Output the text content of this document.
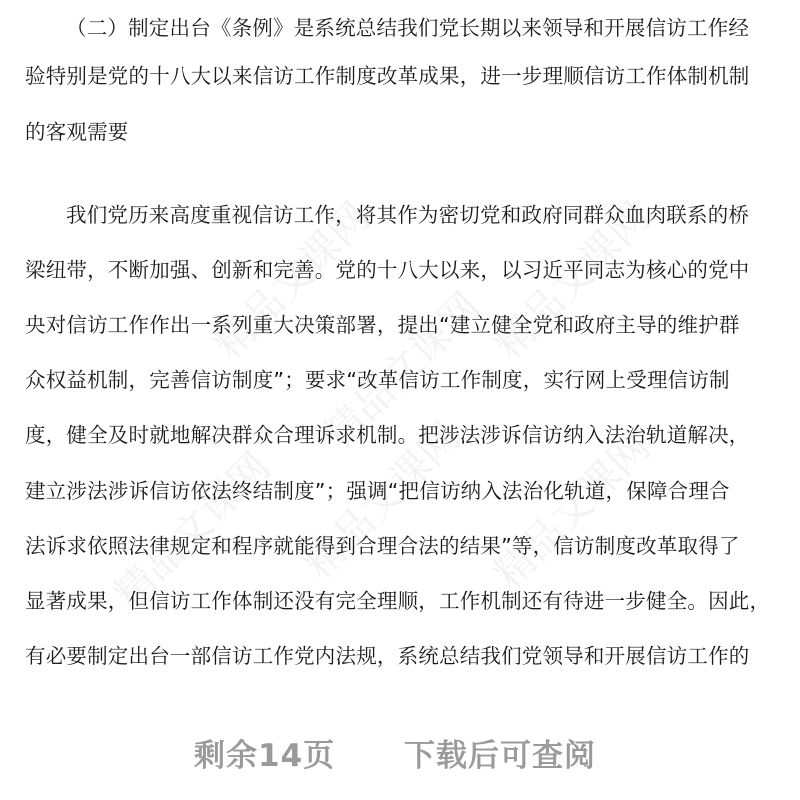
精品文课网	精品文课网
精品文课网
精品文课网 精品文课网 精品文课网
（二）制定出台《条例》是系统总结我们党长期以来领导和开展信访工作经
验特别是党的十八大以来信访工作制度改革成果，进一步理顺信访工作体制机制
的客观需要
我们党历来高度重视信访工作，将其作为密切党和政府同群众血肉联系的桥
梁纽带，不断加强、创新和完善。党的十八大以来，以习近平同志为核心的党中
央对信访工作作出一系列重大决策部署，提出“建立健全党和政府主导的维护群
众权益机制，完善信访制度”；要求“改革信访工作制度，实行网上受理信访制
度，健全及时就地解决群众合理诉求机制。把涉法涉诉信访纳入法治轨道解决，
建立涉法涉诉信访依法终结制度”；强调“把信访纳入法治化轨道，保障合理合
法诉求依照法律规定和程序就能得到合理合法的结果”等，信访制度改革取得了
显著成果，但信访工作体制还没有完全理顺，工作机制还有待进一步健全。因此，
有必要制定出台一部信访工作党内法规，系统总结我们党领导和开展信访工作的
剩余14页 下载后可查阅
